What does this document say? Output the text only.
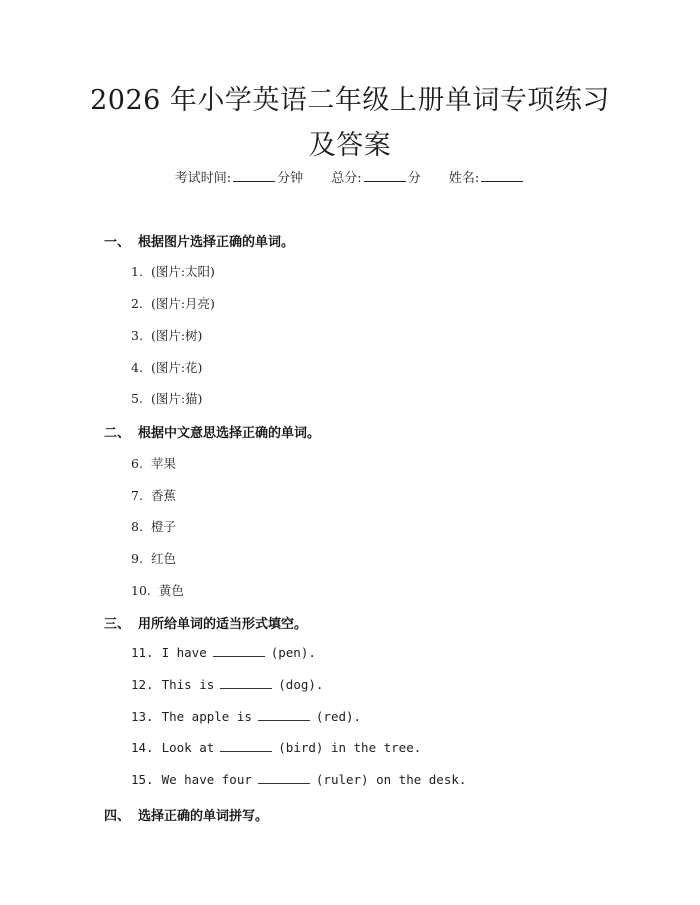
2026 年小学英语二年级上册单词专项练习及答案
考试时间:	分钟 总分:	分 姓名:
一、 根据图片选择正确的单词。
1. (图片:太阳)
2. (图片:月亮)
3. (图片:树)
4. (图片:花)
5. (图片:猫)
二、 根据中文意思选择正确的单词。
6. 苹果
7. 香蕉
8. 橙子
9. 红色
10. 黄色
三、 用所给单词的适当形式填空。
11. I have	(pen).
12. This is	(dog).
13. The apple is	(red).
14. Look at	(bird) in the tree.
15. We have four	(ruler) on the desk.
四、 选择正确的单词拼写。
